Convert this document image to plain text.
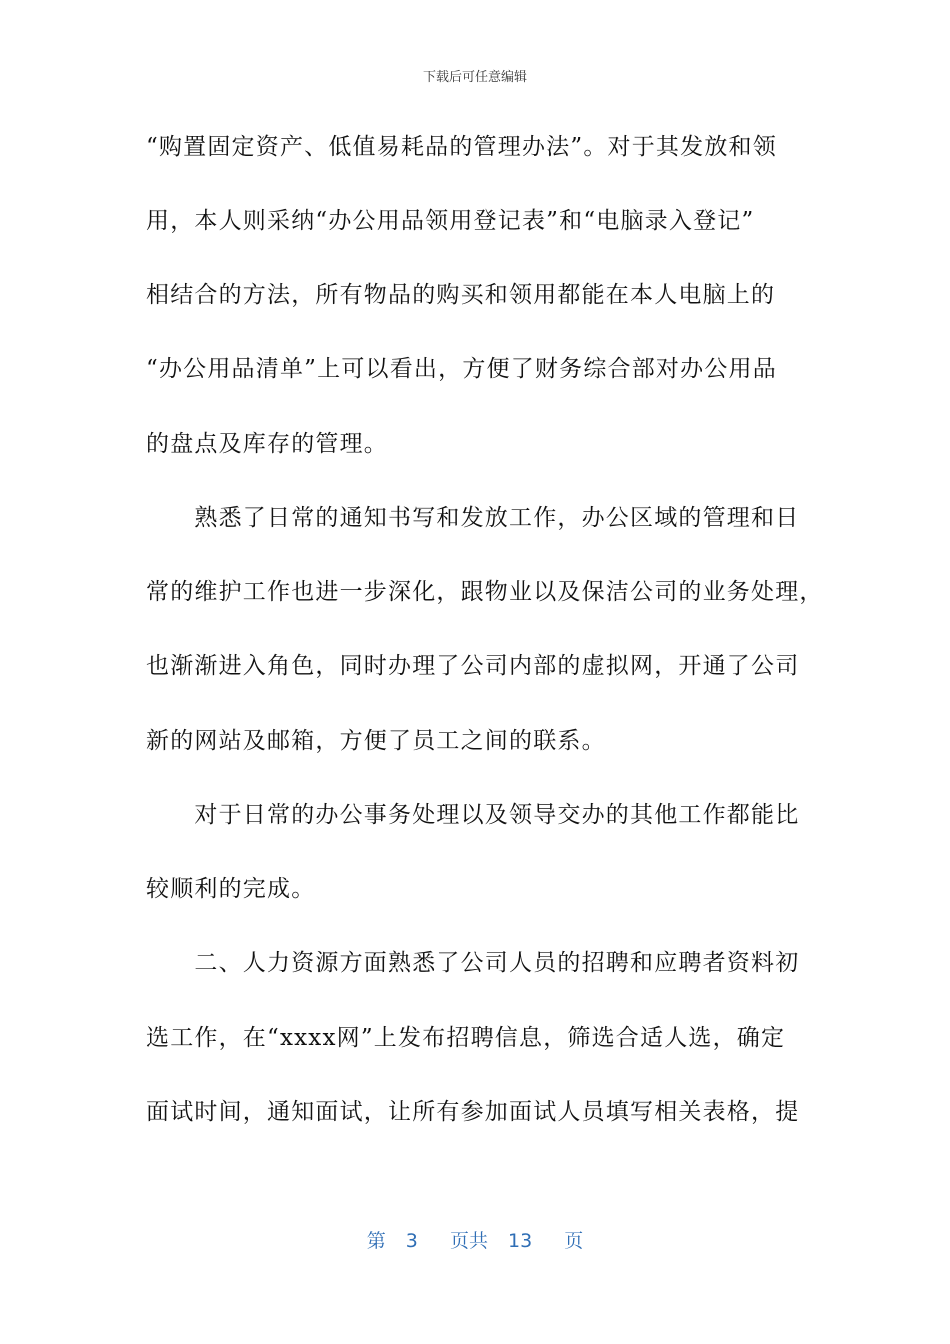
下载后可任意编辑
“购置固定资产、低值易耗品的管理办法”。对于其发放和领
用，本人则采纳“办公用品领用登记表”和“电脑录入登记”
相结合的方法，所有物品的购买和领用都能在本人电脑上的
“办公用品清单”上可以看出，方便了财务综合部对办公用品
的盘点及库存的管理。
　　熟悉了日常的通知书写和发放工作，办公区域的管理和日
常的维护工作也进一步深化，跟物业以及保洁公司的业务处理，
也渐渐进入角色，同时办理了公司内部的虚拟网，开通了公司
新的网站及邮箱，方便了员工之间的联系。
　　对于日常的办公事务处理以及领导交办的其他工作都能比
较顺利的完成。
　　二、人力资源方面熟悉了公司人员的招聘和应聘者资料初
选工作，在“xxxx网”上发布招聘信息，筛选合适人选，确定
面试时间，通知面试，让所有参加面试人员填写相关表格，提
第 3 页共 13 页
